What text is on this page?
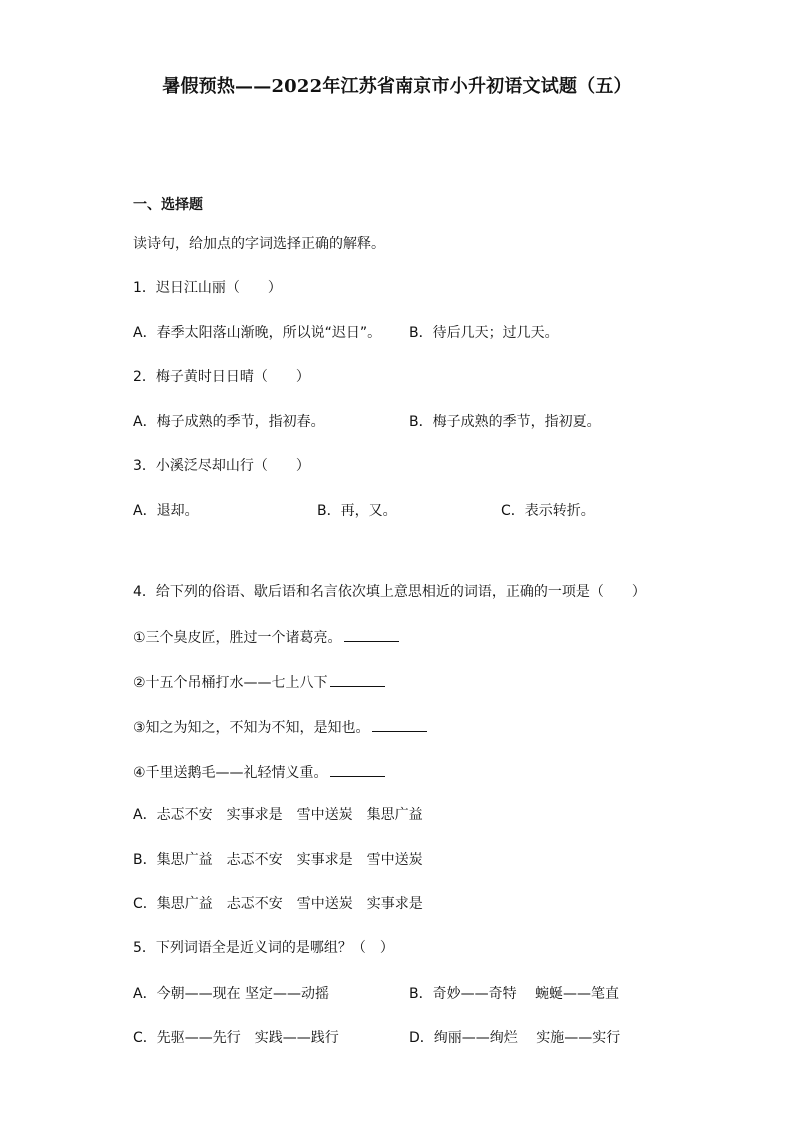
暑假预热——2022年江苏省南京市小升初语文试题（五）
一、选择题
读诗句，给加点的字词选择正确的解释。
1．迟日江山丽（　　）
A．春季太阳落山渐晚，所以说“迟日”。 B．待后几天；过几天。
2．梅子黄时日日晴（　　）
A．梅子成熟的季节，指初春。	B．梅子成熟的季节，指初夏。
3．小溪泛尽却山行（　　）
A．退却。	B．再，又。	C．表示转折。
4．给下列的俗语、歇后语和名言依次填上意思相近的词语，正确的一项是（　　）
①三个臭皮匠，胜过一个诸葛亮。
②十五个吊桶打水——七上八下
③知之为知之，不知为不知，是知也。
④千里送鹅毛——礼轻情义重。
A．忐忑不安 实事求是 雪中送炭 集思广益
B．集思广益 忐忑不安 实事求是 雪中送炭
C．集思广益 忐忑不安 雪中送炭 实事求是
5．下列词语全是近义词的是哪组？（　）
A．今朝——现在 坚定——动摇	B．奇妙——奇特　 蜿蜒——笔直
C．先驱——先行　实践——践行	D．绚丽——绚烂　 实施——实行
